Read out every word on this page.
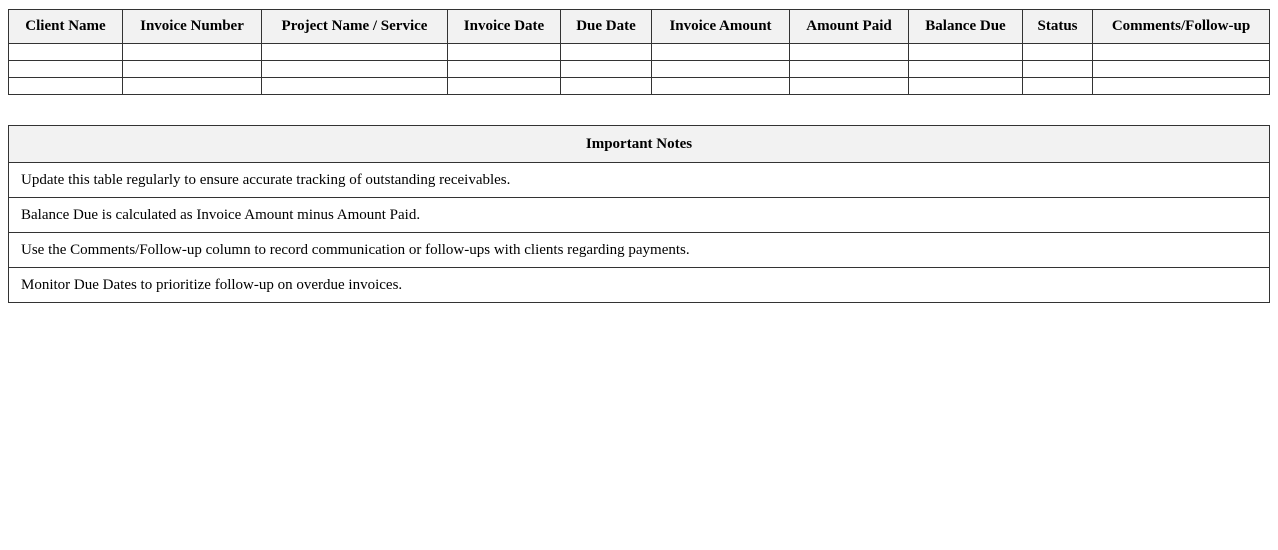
Client Name	Invoice Number	Project Name / Service	Invoice Date	Due Date	Invoice Amount	Amount Paid	Balance Due	Status	Comments/Follow-up

Important Notes
Update this table regularly to ensure accurate tracking of outstanding receivables.
Balance Due is calculated as Invoice Amount minus Amount Paid.
Use the Comments/Follow-up column to record communication or follow-ups with clients regarding payments.
Monitor Due Dates to prioritize follow-up on overdue invoices.
